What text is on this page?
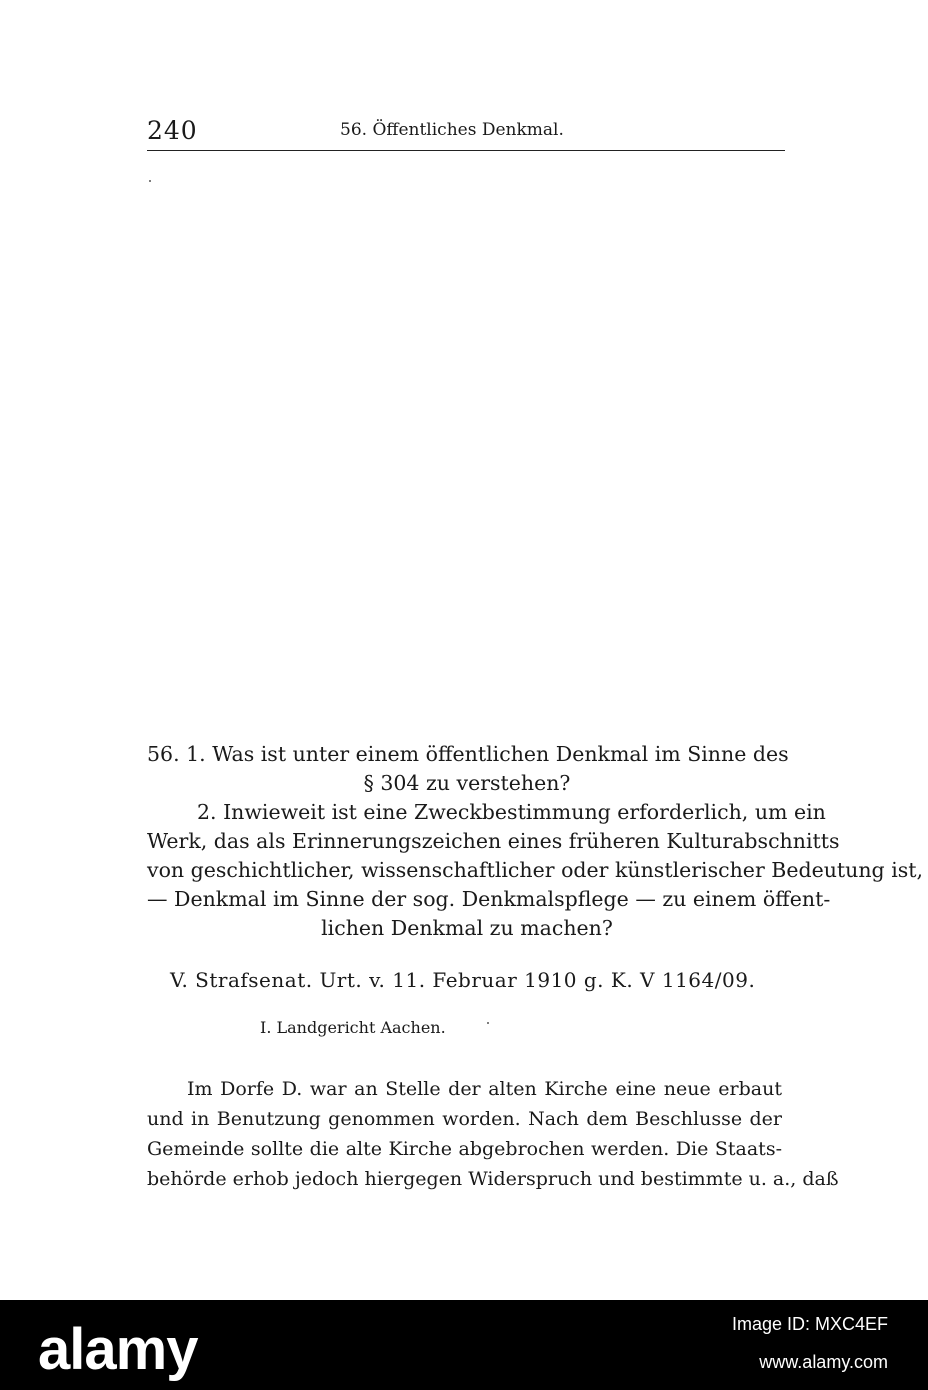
240	56. Öffentliches Denkmal.
56. 1. Was ist unter einem öffentlichen Denkmal im Sinne des
§ 304 zu verstehen?
2. Inwieweit ist eine Zweckbestimmung erforderlich, um ein
Werk, das als Erinnerungszeichen eines früheren Kulturabschnitts
von geschichtlicher, wissenschaftlicher oder künstlerischer Bedeutung ist,
— Denkmal im Sinne der sog. Denkmalspflege — zu einem öffent-
lichen Denkmal zu machen?
V. Strafsenat. Urt. v. 11. Februar 1910 g. K. V 1164/09.
I. Landgericht Aachen.
Im Dorfe D. war an Stelle der alten Kirche eine neue erbaut
und in Benutzung genommen worden. Nach dem Beschlusse der
Gemeinde sollte die alte Kirche abgebrochen werden. Die Staats-
behörde erhob jedoch hiergegen Widerspruch und bestimmte u. a., daß
alamy	Image ID: MXC4EF
www.alamy.com
